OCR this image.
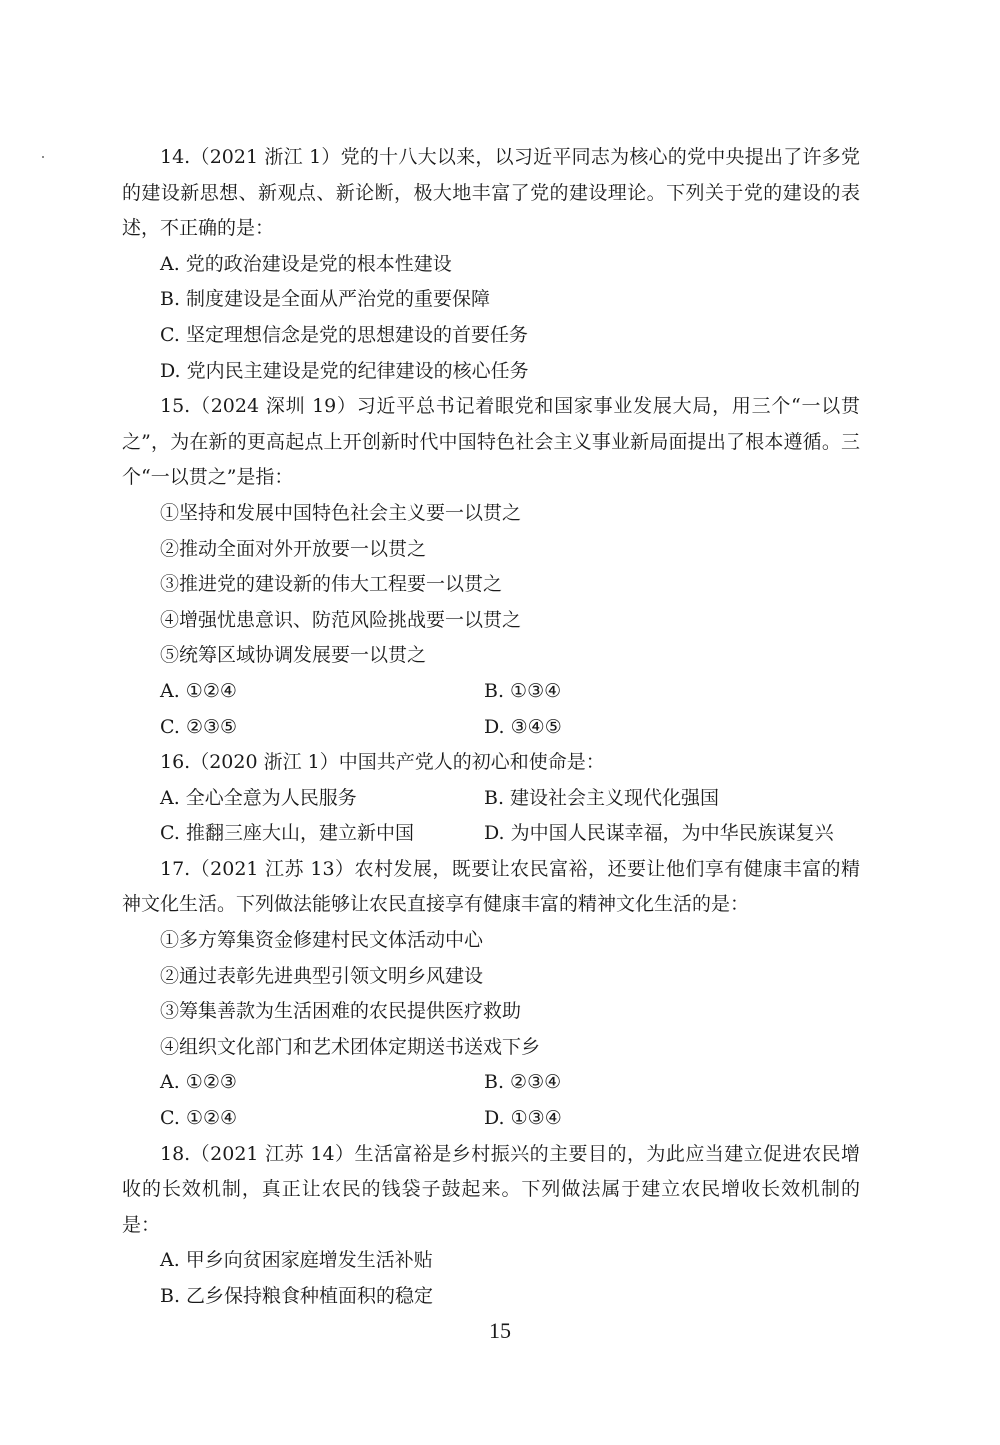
14.（2021 浙江 1）党的十八大以来，以习近平同志为核心的党中央提出了许多党的建设新思想、新观点、新论断，极大地丰富了党的建设理论。下列关于党的建设的表述，不正确的是：

A. 党的政治建设是党的根本性建设

B. 制度建设是全面从严治党的重要保障

C. 坚定理想信念是党的思想建设的首要任务

D. 党内民主建设是党的纪律建设的核心任务

15.（2024 深圳 19）习近平总书记着眼党和国家事业发展大局，用三个“一以贯之”，为在新的更高起点上开创新时代中国特色社会主义事业新局面提出了根本遵循。三个“一以贯之”是指：

①坚持和发展中国特色社会主义要一以贯之

②推动全面对外开放要一以贯之

③推进党的建设新的伟大工程要一以贯之

④增强忧患意识、防范风险挑战要一以贯之

⑤统筹区域协调发展要一以贯之

A. ①②④	B. ①③④
C. ②③⑤	D. ③④⑤

16.（2020 浙江 1）中国共产党人的初心和使命是：

A. 全心全意为人民服务	B. 建设社会主义现代化强国
C. 推翻三座大山，建立新中国	D. 为中国人民谋幸福，为中华民族谋复兴

17.（2021 江苏 13）农村发展，既要让农民富裕，还要让他们享有健康丰富的精神文化生活。下列做法能够让农民直接享有健康丰富的精神文化生活的是：

①多方筹集资金修建村民文体活动中心

②通过表彰先进典型引领文明乡风建设

③筹集善款为生活困难的农民提供医疗救助

④组织文化部门和艺术团体定期送书送戏下乡

A. ①②③	B. ②③④
C. ①②④	D. ①③④

18.（2021 江苏 14）生活富裕是乡村振兴的主要目的，为此应当建立促进农民增收的长效机制，真正让农民的钱袋子鼓起来。下列做法属于建立农民增收长效机制的是：

A. 甲乡向贫困家庭增发生活补贴

B. 乙乡保持粮食种植面积的稳定

15
